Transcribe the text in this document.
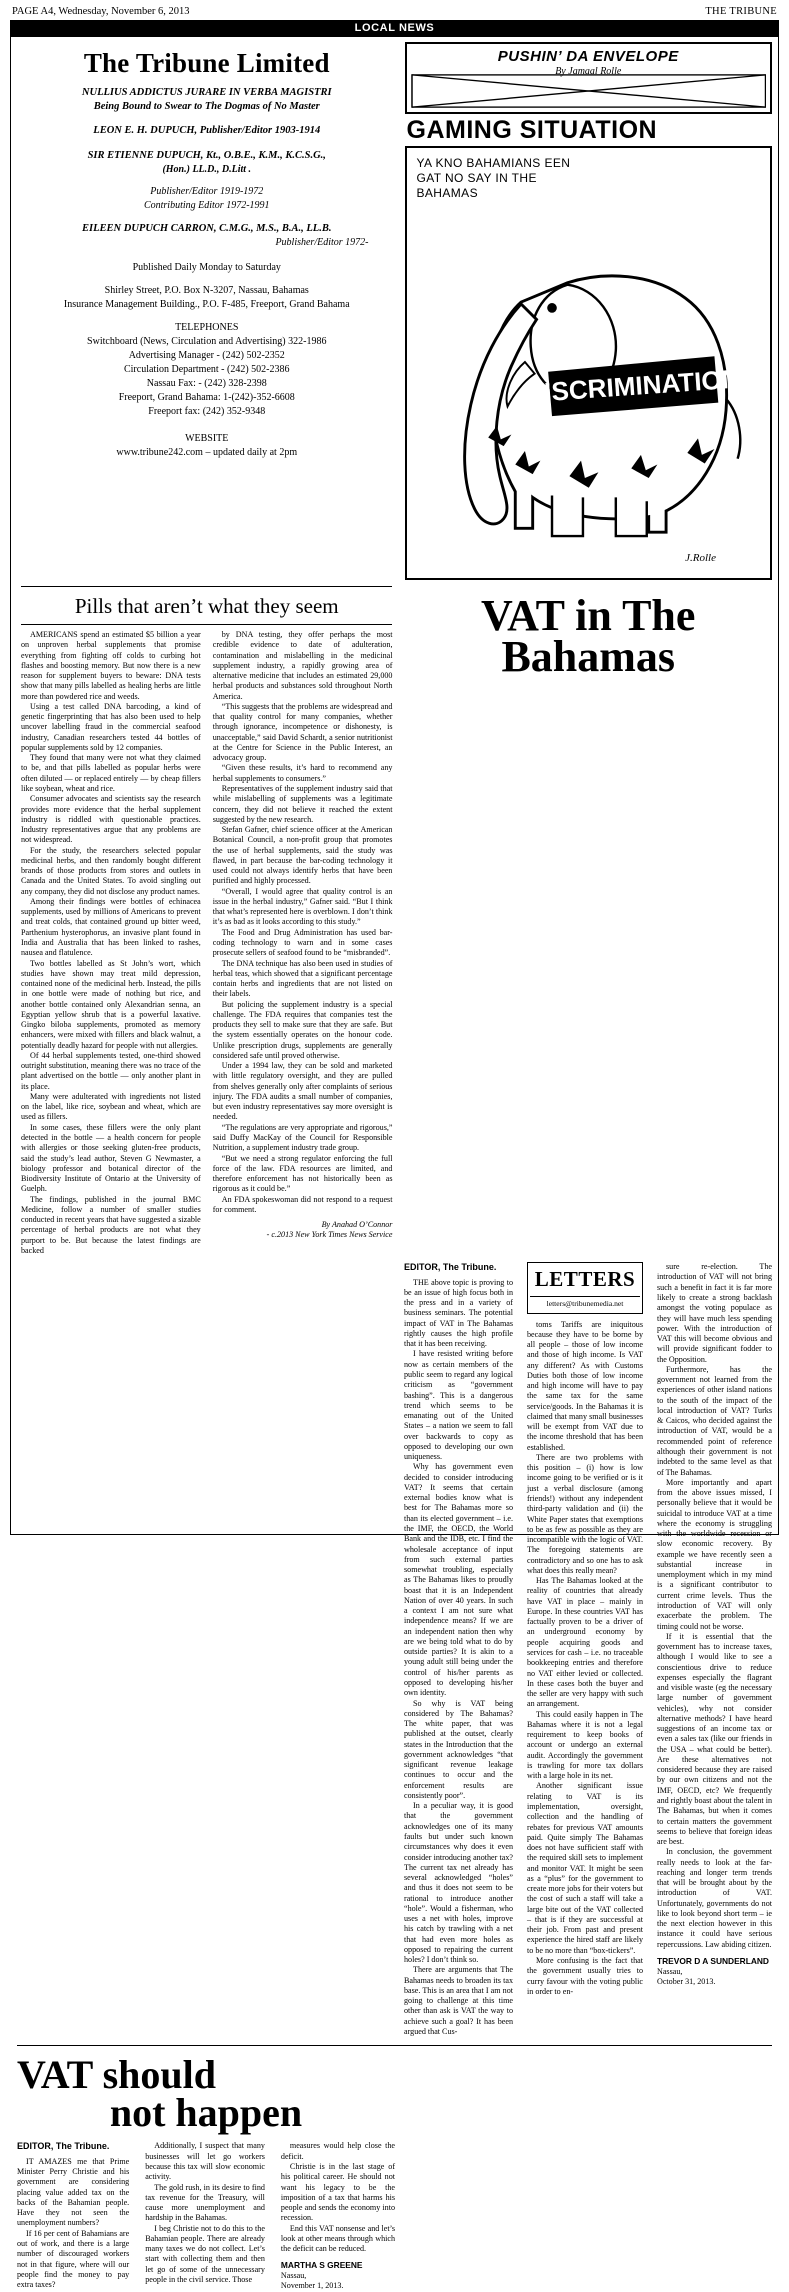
PAGE A4, Wednesday, November 6, 2013	THE TRIBUNE
LOCAL NEWS
The Tribune Limited
NULLIUS ADDICTUS JURARE IN VERBA MAGISTRI
Being Bound to Swear to The Dogmas of No Master
LEON E. H. DUPUCH, Publisher/Editor 1903-1914
SIR ETIENNE DUPUCH, Kt., O.B.E., K.M., K.C.S.G.,
(Hon.) LL.D., D.Litt .
Publisher/Editor 1919-1972
Contributing Editor 1972-1991
EILEEN DUPUCH CARRON, C.M.G., M.S., B.A., LL.B.
Publisher/Editor 1972-
Published Daily Monday to Saturday
Shirley Street, P.O. Box N-3207, Nassau, Bahamas
Insurance Management Building., P.O. F-485, Freeport, Grand Bahama
TELEPHONES
Switchboard (News, Circulation and Advertising) 322-1986
Advertising Manager - (242) 502-2352
Circulation Department - (242) 502-2386
Nassau Fax: - (242) 328-2398
Freeport, Grand Bahama: 1-(242)-352-6608
Freeport fax: (242) 352-9348
WEBSITE
www.tribune242.com – updated daily at 2pm
PUSHIN’ DA ENVELOPE
By Jamaal Rolle
GAMING SITUATION
YA KNO BAHAMIANS EEN
GAT NO SAY IN THE
BAHAMAS
DISCRIMINATION
J.Rolle
Pills that aren’t what they seem

AMERICANS spend an estimated $5 billion a year on unproven herbal supplements that promise everything from fighting off colds to curbing hot flashes and boosting memory. But now there is a new reason for supplement buyers to beware: DNA tests show that many pills labelled as healing herbs are little more than powdered rice and weeds.

Using a test called DNA barcoding, a kind of genetic fingerprinting that has also been used to help uncover labelling fraud in the commercial seafood industry, Canadian researchers tested 44 bottles of popular supplements sold by 12 companies.

They found that many were not what they claimed to be, and that pills labelled as popular herbs were often diluted — or replaced entirely — by cheap fillers like soybean, wheat and rice.

Consumer advocates and scientists say the research provides more evidence that the herbal supplement industry is riddled with questionable practices. Industry representatives argue that any problems are not widespread.

For the study, the researchers selected popular medicinal herbs, and then randomly bought different brands of those products from stores and outlets in Canada and the United States. To avoid singling out any company, they did not disclose any product names.

Among their findings were bottles of echinacea supplements, used by millions of Americans to prevent and treat colds, that contained ground up bitter weed, Parthenium hysterophorus, an invasive plant found in India and Australia that has been linked to rashes, nausea and flatulence.

Two bottles labelled as St John’s wort, which studies have shown may treat mild depression, contained none of the medicinal herb. Instead, the pills in one bottle were made of nothing but rice, and another bottle contained only Alexandrian senna, an Egyptian yellow shrub that is a powerful laxative. Gingko biloba supplements, promoted as memory enhancers, were mixed with fillers and black walnut, a potentially deadly hazard for people with nut allergies.

Of 44 herbal supplements tested, one-third showed outright substitution, meaning there was no trace of the plant advertised on the bottle — only another plant in its place.

Many were adulterated with ingredients not listed on the label, like rice, soybean and wheat, which are used as fillers.

In some cases, these fillers were the only plant detected in the bottle — a health concern for people with allergies or those seeking gluten-free products, said the study’s lead author, Steven G Newmaster, a biology professor and botanical director of the Biodiversity Institute of Ontario at the University of Guelph.

The findings, published in the journal BMC Medicine, follow a number of smaller studies conducted in recent years that have suggested a sizable percentage of herbal products are not what they purport to be. But because the latest findings are backed

by DNA testing, they offer perhaps the most credible evidence to date of adulteration, contamination and mislabelling in the medicinal supplement industry, a rapidly growing area of alternative medicine that includes an estimated 29,000 herbal products and substances sold throughout North America.

“This suggests that the problems are widespread and that quality control for many companies, whether through ignorance, incompetence or dishonesty, is unacceptable,” said David Schardt, a senior nutritionist at the Centre for Science in the Public Interest, an advocacy group.

“Given these results, it’s hard to recommend any herbal supplements to consumers.”

Representatives of the supplement industry said that while mislabelling of supplements was a legitimate concern, they did not believe it reached the extent suggested by the new research.

Stefan Gafner, chief science officer at the American Botanical Council, a non-profit group that promotes the use of herbal supplements, said the study was flawed, in part because the bar-coding technology it used could not always identify herbs that have been purified and highly processed.

“Overall, I would agree that quality control is an issue in the herbal industry,” Gafner said. “But I think that what’s represented here is overblown. I don’t think it’s as bad as it looks according to this study.”

The Food and Drug Administration has used bar-coding technology to warn and in some cases prosecute sellers of seafood found to be “misbranded”.

The DNA technique has also been used in studies of herbal teas, which showed that a significant percentage contain herbs and ingredients that are not listed on their labels.

But policing the supplement industry is a special challenge. The FDA requires that companies test the products they sell to make sure that they are safe. But the system essentially operates on the honour code. Unlike prescription drugs, supplements are generally considered safe until proved otherwise.

Under a 1994 law, they can be sold and marketed with little regulatory oversight, and they are pulled from shelves generally only after complaints of serious injury. The FDA audits a small number of companies, but even industry representatives say more oversight is needed.

“The regulations are very appropriate and rigorous,” said Duffy MacKay of the Council for Responsible Nutrition, a supplement industry trade group.

“But we need a strong regulator enforcing the full force of the law. FDA resources are limited, and therefore enforcement has not historically been as rigorous as it could be.”

An FDA spokeswoman did not respond to a request for comment.

By Anahad O’Connor
- c.2013 New York Times News Service
VAT in The
Bahamas
EDITOR, The Tribune.

THE above topic is proving to be an issue of high focus both in the press and in a variety of business seminars. The potential impact of VAT in The Bahamas rightly causes the high profile that it has been receiving.

I have resisted writing before now as certain members of the public seem to regard any logical criticism as “government bashing”. This is a dangerous trend which seems to be emanating out of the United States – a nation we seem to fall over backwards to copy as opposed to developing our own uniqueness.

Why has government even decided to consider introducing VAT? It seems that certain external bodies know what is best for The Bahamas more so than its elected government – i.e. the IMF, the OECD, the World Bank and the IDB, etc. I find the wholesale acceptance of input from such external parties somewhat troubling, especially as The Bahamas likes to proudly boast that it is an Independent Nation of over 40 years. In such a context I am not sure what independence means? If we are an independent nation then why are we being told what to do by outside parties? It is akin to a young adult still being under the control of his/her parents as opposed to developing his/her own identity.

So why is VAT being considered by The Bahamas? The white paper, that was published at the outset, clearly states in the Introduction that the government acknowledges “that significant revenue leakage continues to occur and the enforcement results are consistently poor”.

In a peculiar way, it is good that the government acknowledges one of its many faults but under such known circumstances why does it even consider introducing another tax? The current tax net already has several acknowledged “holes” and thus it does not seem to be rational to introduce another “hole”. Would a fisherman, who uses a net with holes, improve his catch by trawling with a net that had even more holes as opposed to repairing the current holes? I don’t think so.

There are arguments that The Bahamas needs to broaden its tax base. This is an area that I am not going to challenge at this time other than ask is VAT the way to achieve such a goal? It has been argued that Cus-

LETTERS
letters@tribunemedia.net

toms Tariffs are iniquitous because they have to be borne by all people – those of low income and those of high income. Is VAT any different? As with Customs Duties both those of low income and high income will have to pay the same tax for the same service/goods. In the Bahamas it is claimed that many small businesses will be exempt from VAT due to the income threshold that has been established.

There are two problems with this position – (i) how is low income going to be verified or is it just a verbal disclosure (among friends!) without any independent third-party validation and (ii) the White Paper states that exemptions to be as few as possible as they are incompatible with the logic of VAT. The foregoing statements are contradictory and so one has to ask what does this really mean?

Has The Bahamas looked at the reality of countries that already have VAT in place – mainly in Europe. In these countries VAT has factually proven to be a driver of an underground economy by people acquiring goods and services for cash – i.e. no traceable bookkeeping entries and therefore no VAT either levied or collected. In these cases both the buyer and the seller are very happy with such an arrangement.

This could easily happen in The Bahamas where it is not a legal requirement to keep books of account or undergo an external audit. Accordingly the government is trawling for more tax dollars with a large hole in its net.

Another significant issue relating to VAT is its implementation, oversight, collection and the handling of rebates for previous VAT amounts paid. Quite simply The Bahamas does not have sufficient staff with the required skill sets to implement and monitor VAT. It might be seen as a “plus” for the government to create more jobs for their voters but the cost of such a staff will take a large bite out of the VAT collected – that is if they are successful at their job. From past and present experience the hired staff are likely to be no more than “box-tickers”.

More confusing is the fact that the government usually tries to curry favour with the voting public in order to en-

sure re-election. The introduction of VAT will not bring such a benefit in fact it is far more likely to create a strong backlash amongst the voting populace as they will have much less spending power. With the introduction of VAT this will become obvious and will provide significant fodder to the Opposition.

Furthermore, has the government not learned from the experiences of other island nations to the south of the impact of the local introduction of VAT? Turks & Caicos, who decided against the introduction of VAT, would be a recommended point of reference although their government is not indebted to the same level as that of The Bahamas.

More importantly and apart from the above issues missed, I personally believe that it would be suicidal to introduce VAT at a time where the economy is struggling with the worldwide recession or slow economic recovery. By example we have recently seen a substantial increase in unemployment which in my mind is a significant contributor to current crime levels. Thus the introduction of VAT will only exacerbate the problem. The timing could not be worse.

If it is essential that the government has to increase taxes, although I would like to see a conscientious drive to reduce expenses especially the flagrant and visible waste (eg the necessary large number of government vehicles), why not consider alternative methods? I have heard suggestions of an income tax or even a sales tax (like our friends in the USA – what could be better). Are these alternatives not considered because they are raised by our own citizens and not the IMF, OECD, etc? We frequently and rightly boast about the talent in The Bahamas, but when it comes to certain matters the government seems to believe that foreign ideas are best.

In conclusion, the government really needs to look at the far-reaching and longer term trends that will be brought about by the introduction of VAT. Unfortunately, governments do not like to look beyond short term – ie the next election however in this instance it could have serious repercussions. Law abiding citizen.

TREVOR D A SUNDERLAND
Nassau,
October 31, 2013.
VAT should
not happen
EDITOR, The Tribune.

IT AMAZES me that Prime Minister Perry Christie and his government are considering placing value added tax on the backs of the Bahamian people. Have they not seen the unemployment numbers?

If 16 per cent of Bahamians are out of work, and there is a large number of discouraged workers not in that figure, where will our people find the money to pay extra taxes?

Additionally, I suspect that many businesses will let go workers because this tax will slow economic activity.

The gold rush, in its desire to find tax revenue for the Treasury, will cause more unemployment and hardship in the Bahamas.

I beg Christie not to do this to the Bahamian people. There are already many taxes we do not collect. Let’s start with collecting them and then let go of some of the unnecessary people in the civil service. Those

measures would help close the deficit.

Christie is in the last stage of his political career. He should not want his legacy to be the imposition of a tax that harms his people and sends the economy into recession.

End this VAT nonsense and let’s look at other means through which the deficit can be reduced.

MARTHA S GREENE
Nassau,
November 1, 2013.
